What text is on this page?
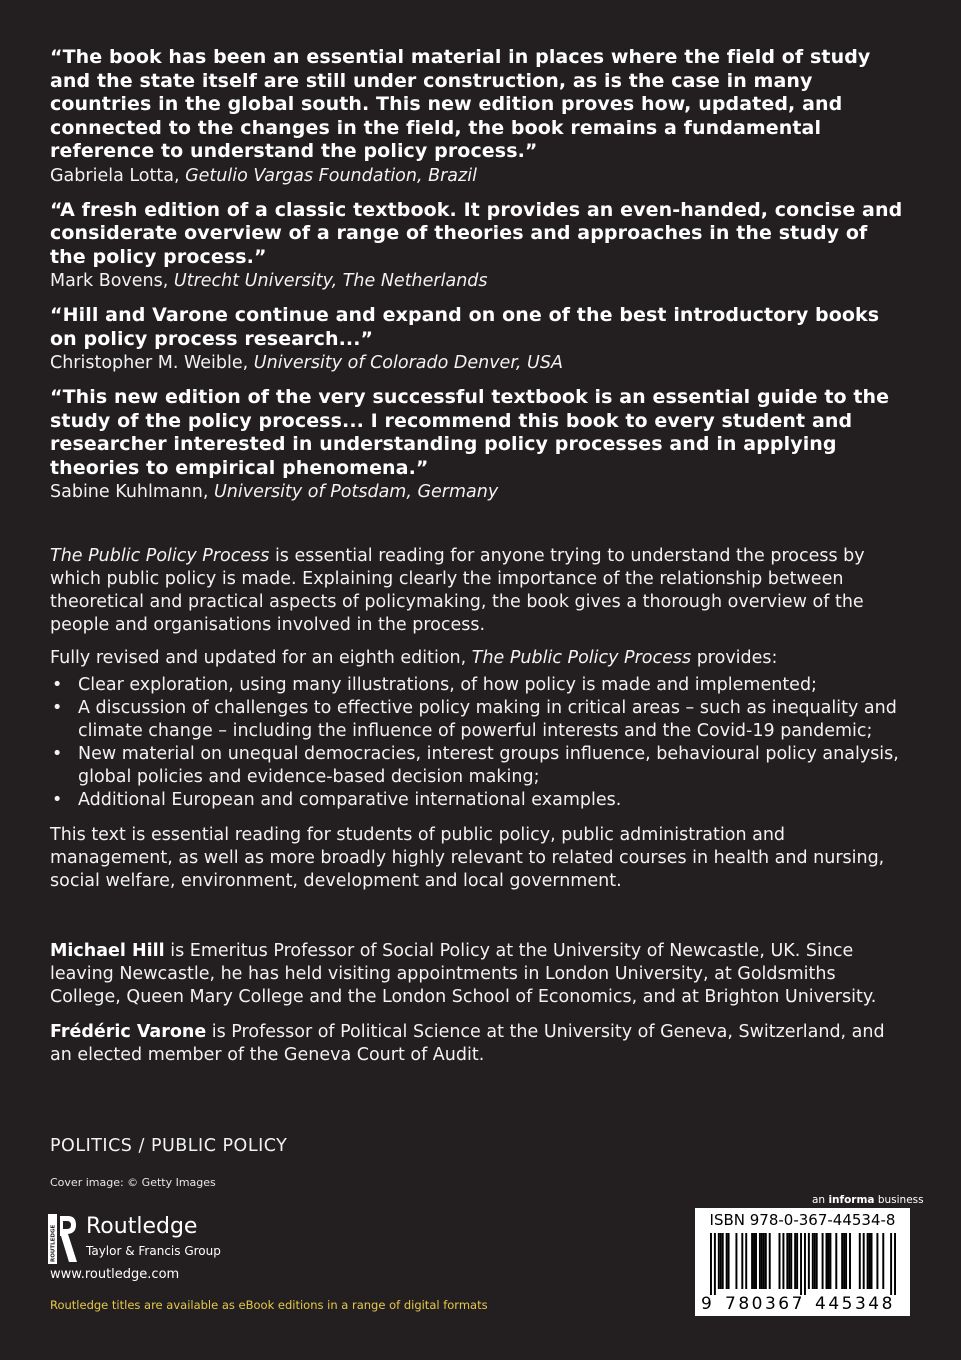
“The book has been an essential material in places where the field of study and the state itself are still under construction, as is the case in many countries in the global south. This new edition proves how, updated, and connected to the changes in the field, the book remains a fundamental reference to understand the policy process.”

Gabriela Lotta, Getulio Vargas Foundation, Brazil

“A fresh edition of a classic textbook. It provides an even-handed, concise and considerate overview of a range of theories and approaches in the study of the policy process.”

Mark Bovens, Utrecht University, The Netherlands

“Hill and Varone continue and expand on one of the best introductory books on policy process research...”

Christopher M. Weible, University of Colorado Denver, USA

“This new edition of the very successful textbook is an essential guide to the study of the policy process... I recommend this book to every student and researcher interested in understanding policy processes and in applying theories to empirical phenomena.”

Sabine Kuhlmann, University of Potsdam, Germany

The Public Policy Process is essential reading for anyone trying to understand the process by which public policy is made. Explaining clearly the importance of the relationship between theoretical and practical aspects of policymaking, the book gives a thorough overview of the people and organisations involved in the process.

Fully revised and updated for an eighth edition, The Public Policy Process provides:

• Clear exploration, using many illustrations, of how policy is made and implemented;
• A discussion of challenges to effective policy making in critical areas – such as inequality and climate change – including the influence of powerful interests and the Covid-19 pandemic;
• New material on unequal democracies, interest groups influence, behavioural policy analysis, global policies and evidence-based decision making;
• Additional European and comparative international examples.

This text is essential reading for students of public policy, public administration and management, as well as more broadly highly relevant to related courses in health and nursing, social welfare, environment, development and local government.

Michael Hill is Emeritus Professor of Social Policy at the University of Newcastle, UK. Since leaving Newcastle, he has held visiting appointments in London University, at Goldsmiths College, Queen Mary College and the London School of Economics, and at Brighton University.

Frédéric Varone is Professor of Political Science at the University of Geneva, Switzerland, and an elected member of the Geneva Court of Audit.

POLITICS / PUBLIC POLICY
Cover image: © Getty Images
ROUTLEDGE Routledge
Taylor & Francis Group
www.routledge.com
Routledge titles are available as eBook editions in a range of digital formats
an informa business
ISBN 978-0-367-44534-8
9 780367 445348
